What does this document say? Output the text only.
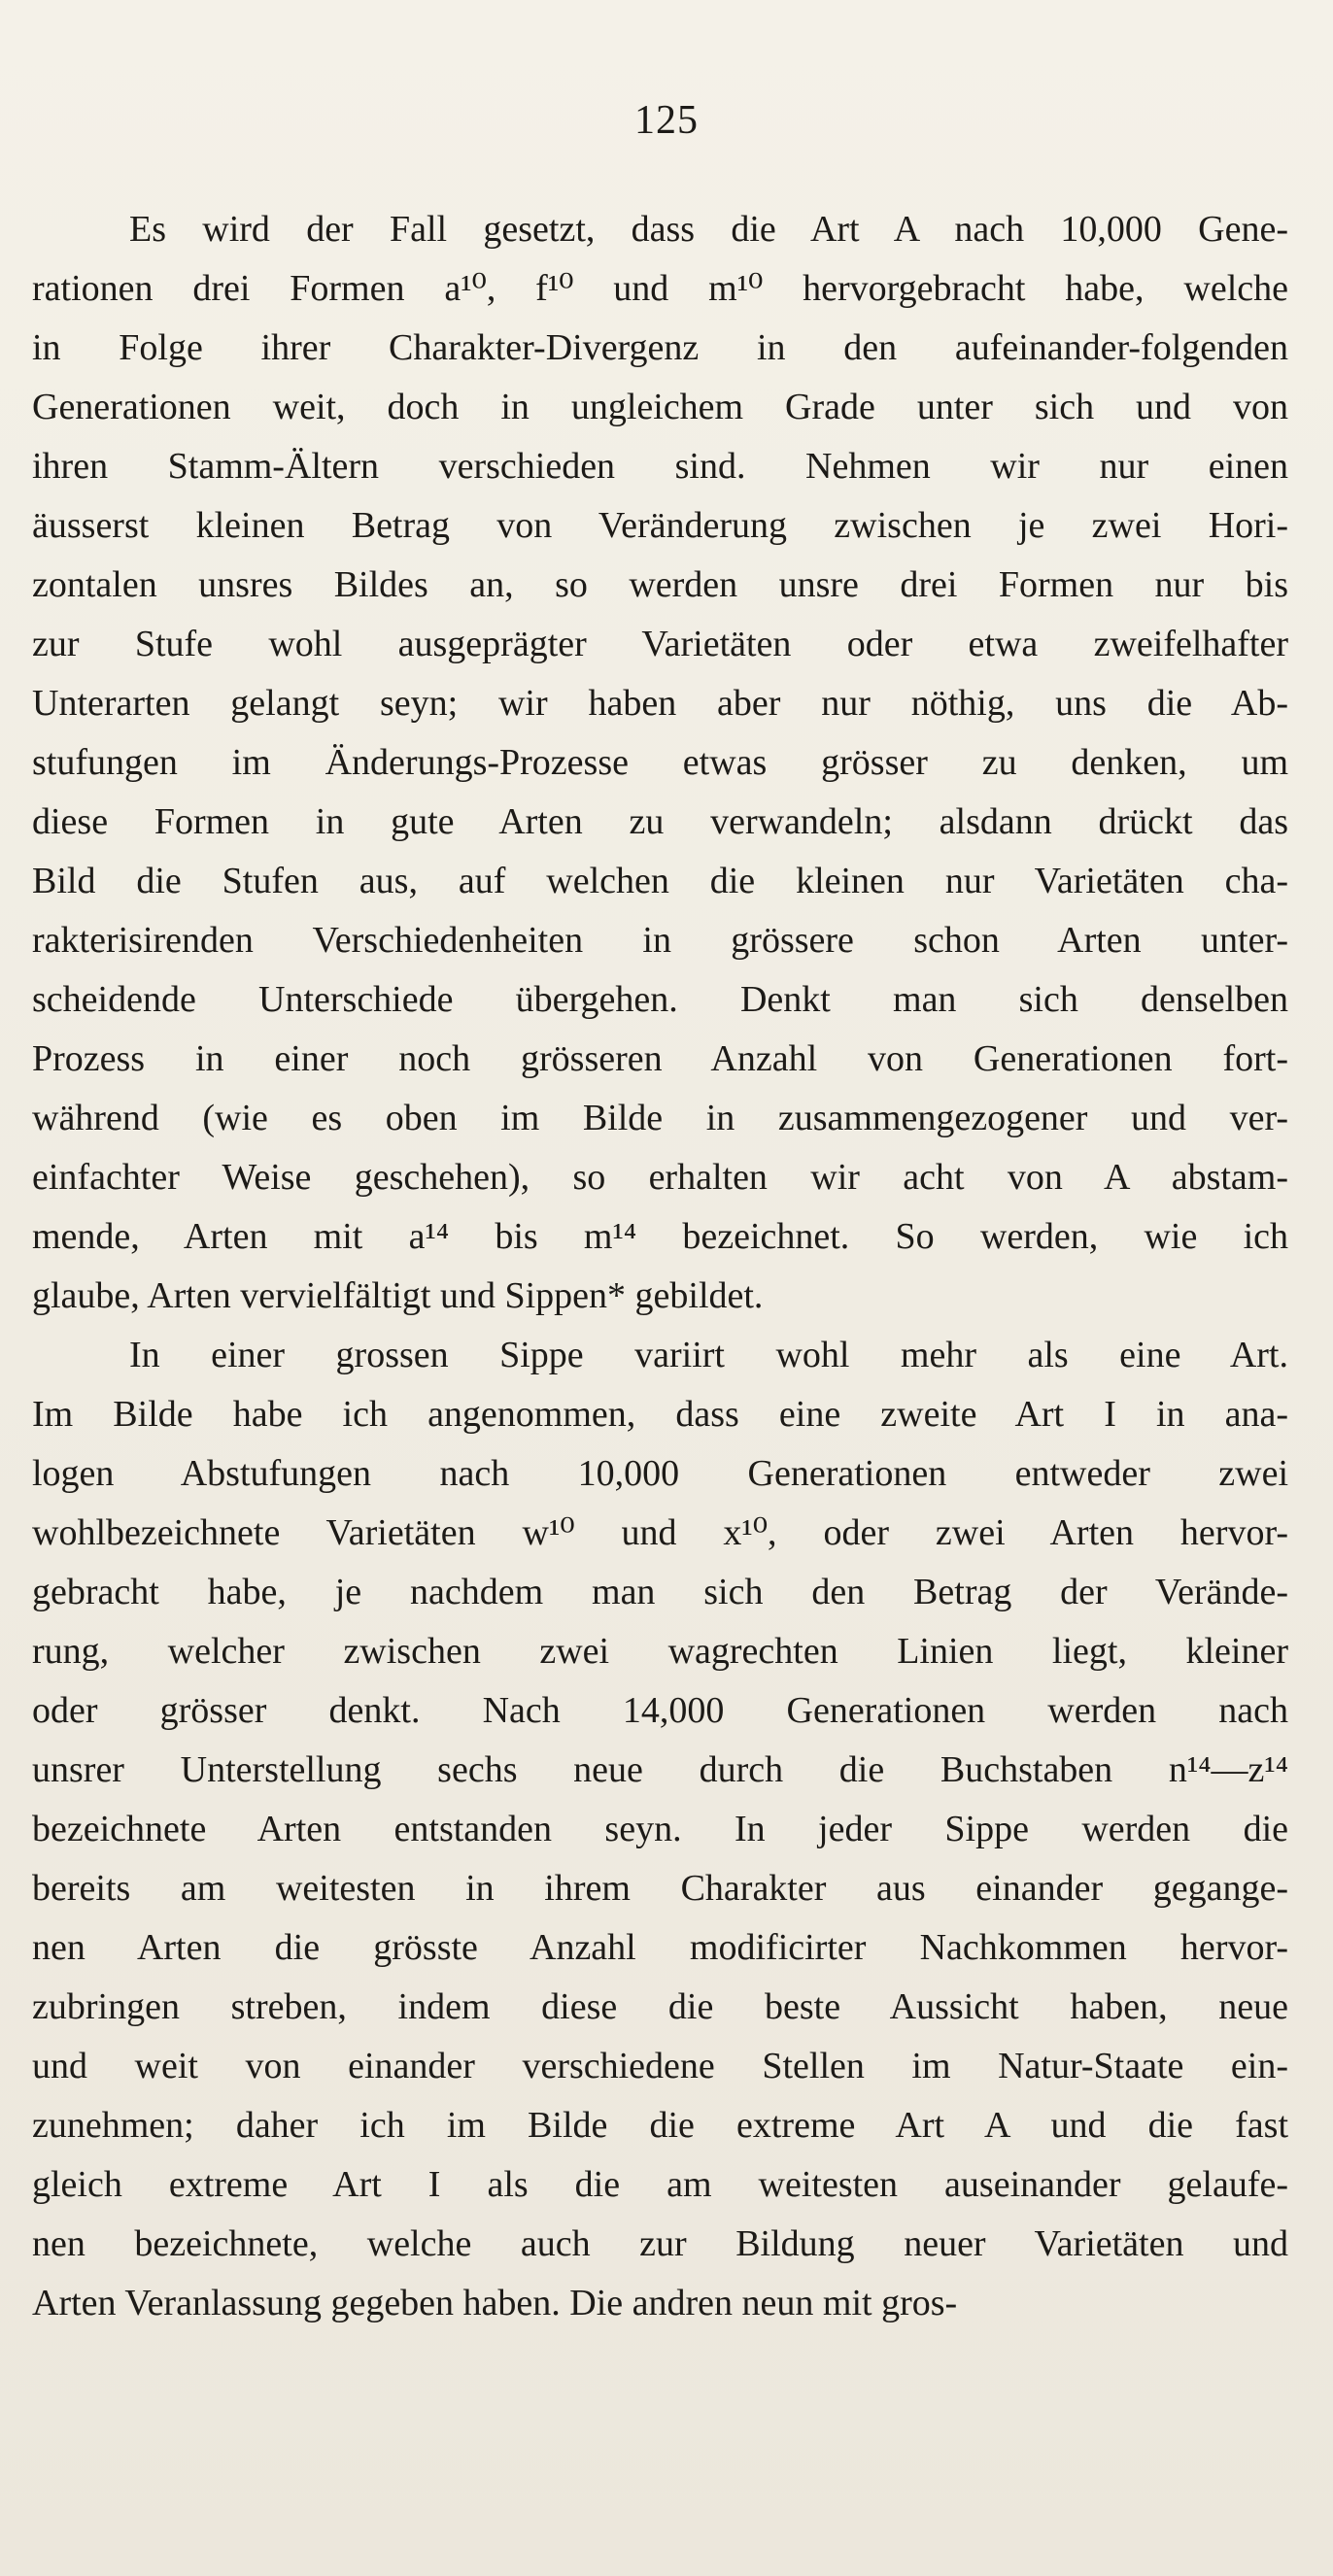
125
Es wird der Fall gesetzt, dass die Art A nach 10,000 Gene-
rationen drei Formen a¹⁰, f¹⁰ und m¹⁰ hervorgebracht habe, welche
in Folge ihrer Charakter-Divergenz in den aufeinander-folgenden
Generationen weit, doch in ungleichem Grade unter sich und von
ihren Stamm-Ältern verschieden sind. Nehmen wir nur einen
äusserst kleinen Betrag von Veränderung zwischen je zwei Hori-
zontalen unsres Bildes an, so werden unsre drei Formen nur bis
zur Stufe wohl ausgeprägter Varietäten oder etwa zweifelhafter
Unterarten gelangt seyn; wir haben aber nur nöthig, uns die Ab-
stufungen im Änderungs-Prozesse etwas grösser zu denken, um
diese Formen in gute Arten zu verwandeln; alsdann drückt das
Bild die Stufen aus, auf welchen die kleinen nur Varietäten cha-
rakterisirenden Verschiedenheiten in grössere schon Arten unter-
scheidende Unterschiede übergehen. Denkt man sich denselben
Prozess in einer noch grösseren Anzahl von Generationen fort-
während (wie es oben im Bilde in zusammengezogener und ver-
einfachter Weise geschehen), so erhalten wir acht von A abstam-
mende, Arten mit a¹⁴ bis m¹⁴ bezeichnet. So werden, wie ich
glaube, Arten vervielfältigt und Sippen* gebildet.
In einer grossen Sippe variirt wohl mehr als eine Art.
Im Bilde habe ich angenommen, dass eine zweite Art I in ana-
logen Abstufungen nach 10,000 Generationen entweder zwei
wohlbezeichnete Varietäten w¹⁰ und x¹⁰, oder zwei Arten hervor-
gebracht habe, je nachdem man sich den Betrag der Verände-
rung, welcher zwischen zwei wagrechten Linien liegt, kleiner
oder grösser denkt. Nach 14,000 Generationen werden nach
unsrer Unterstellung sechs neue durch die Buchstaben n¹⁴—z¹⁴
bezeichnete Arten entstanden seyn. In jeder Sippe werden die
bereits am weitesten in ihrem Charakter aus einander gegange-
nen Arten die grösste Anzahl modificirter Nachkommen hervor-
zubringen streben, indem diese die beste Aussicht haben, neue
und weit von einander verschiedene Stellen im Natur-Staate ein-
zunehmen; daher ich im Bilde die extreme Art A und die fast
gleich extreme Art I als die am weitesten auseinander gelaufe-
nen bezeichnete, welche auch zur Bildung neuer Varietäten und
Arten Veranlassung gegeben haben. Die andren neun mit gros-
